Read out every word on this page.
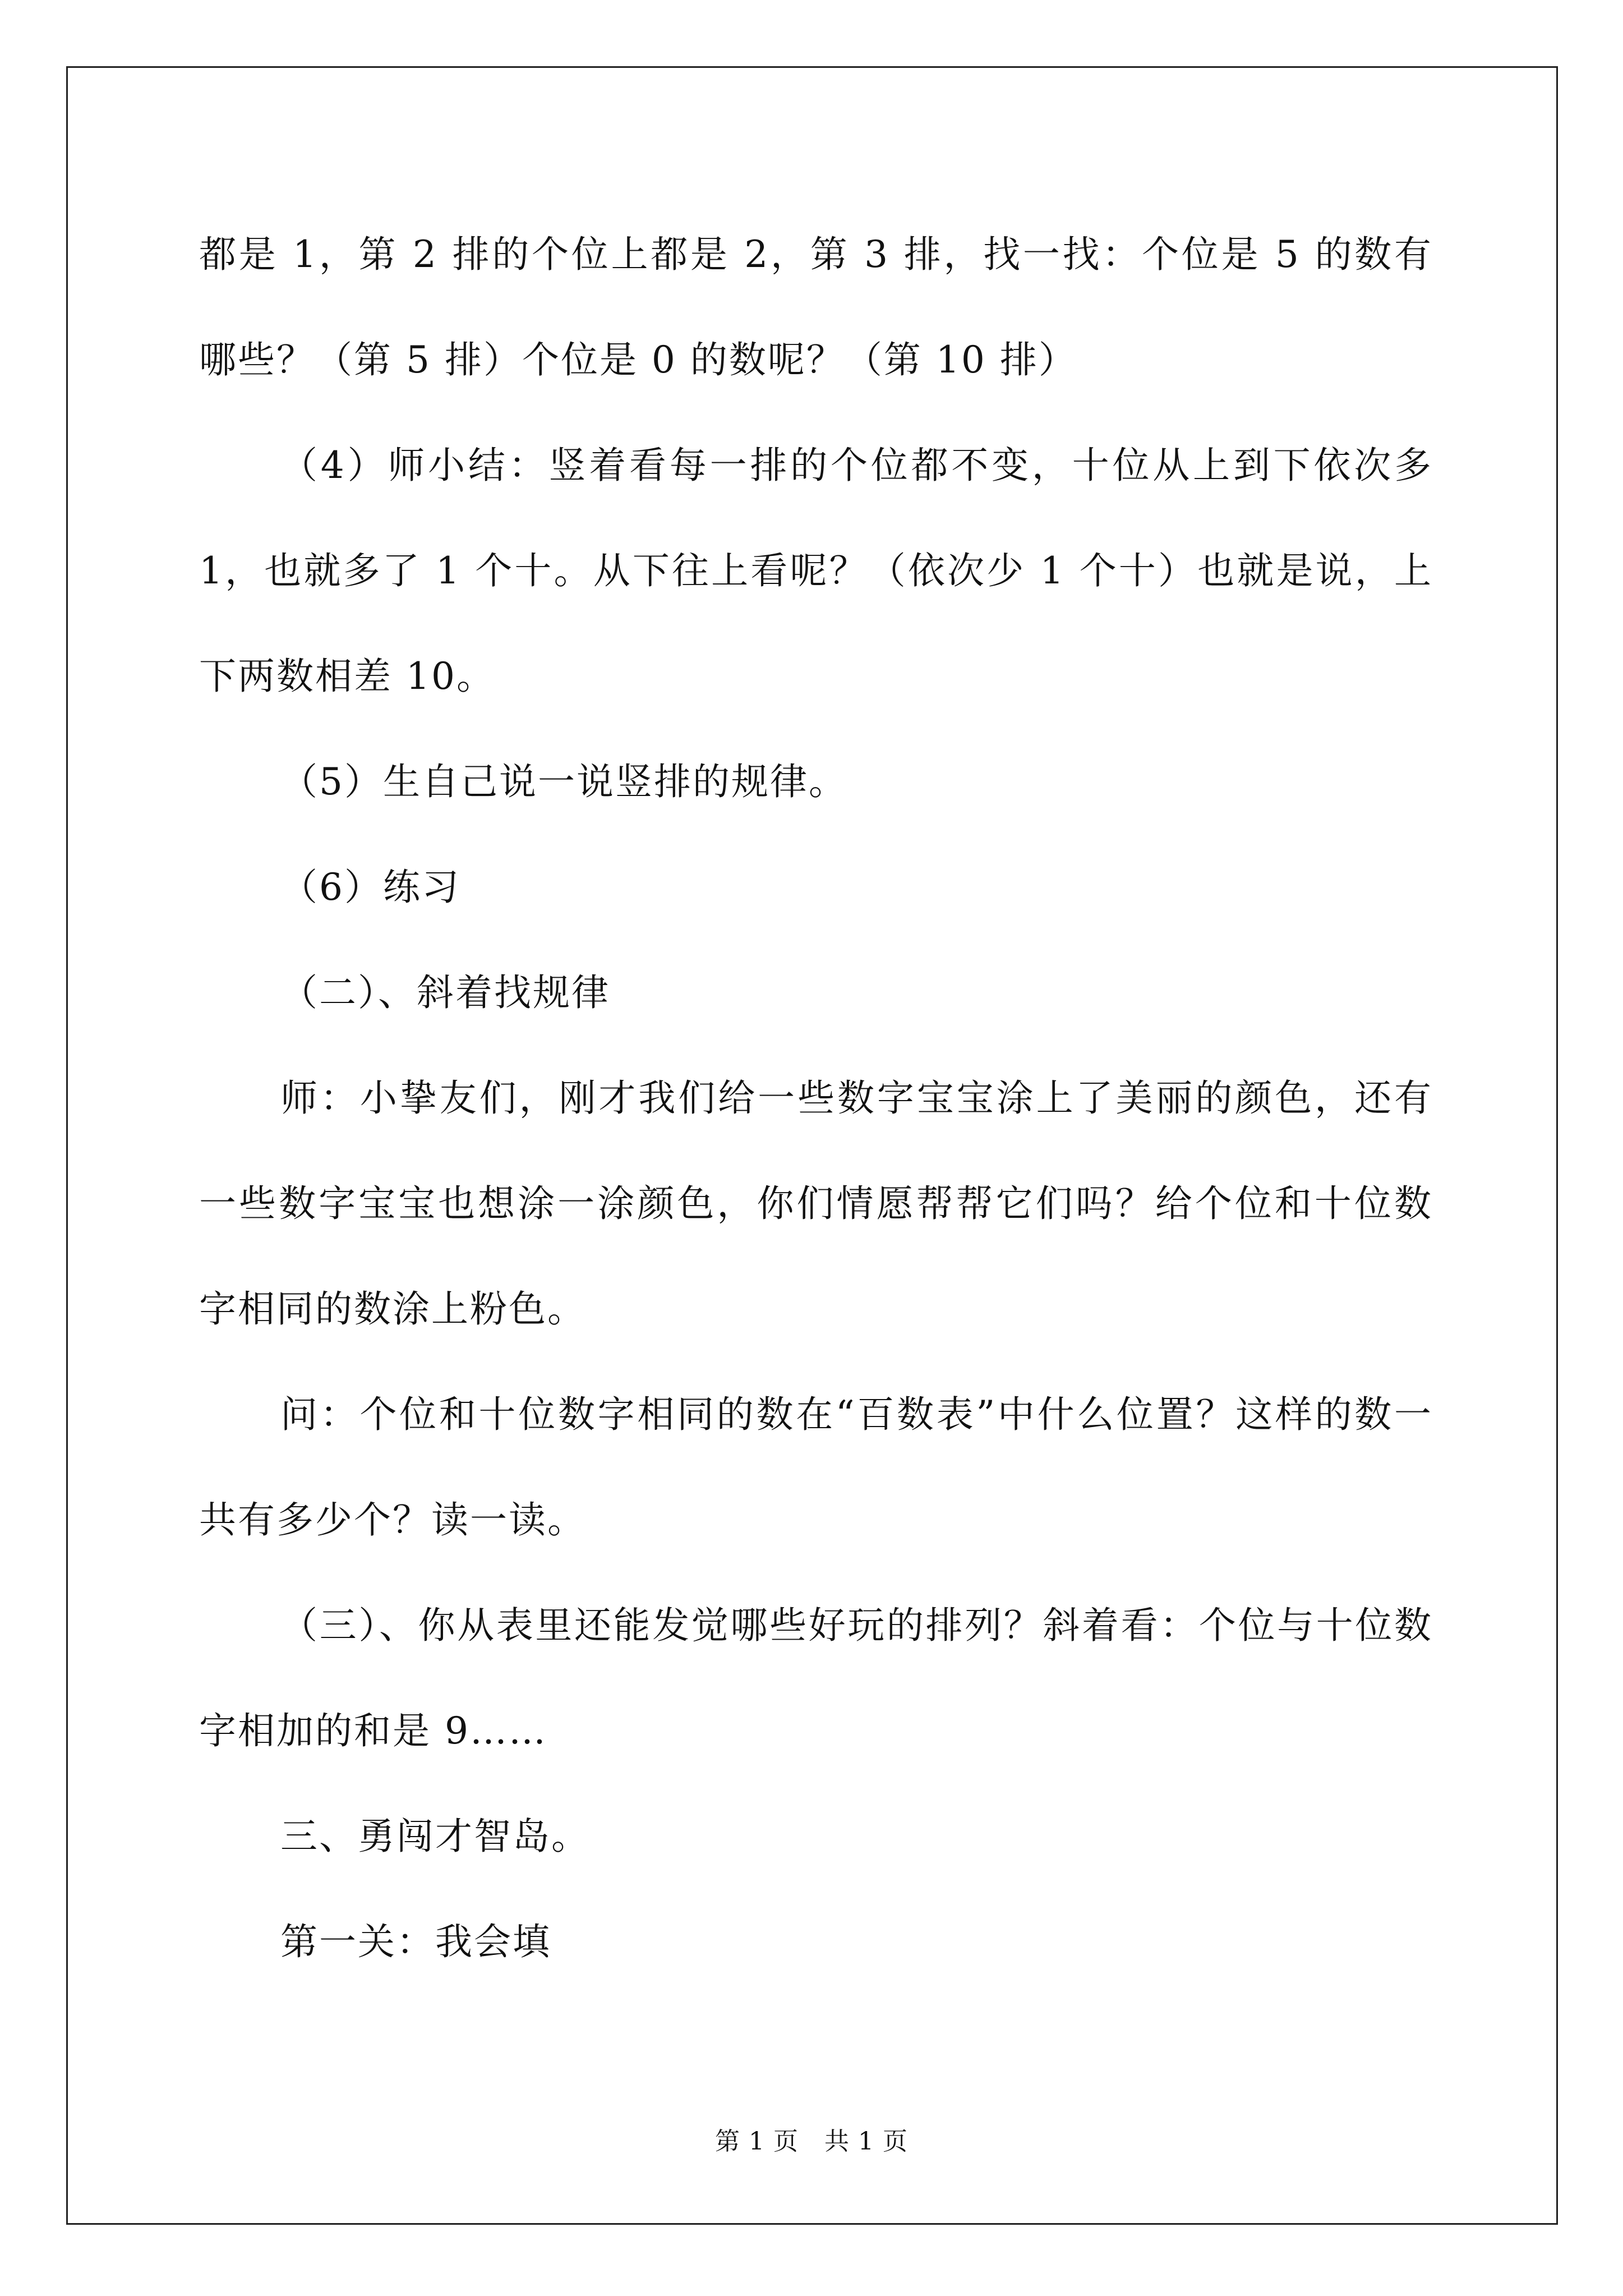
都是 1，第 2 排的个位上都是 2，第 3 排，找一找：个位是 5 的数有哪些？（第 5 排）个位是 0 的数呢？（第 10 排）

（4）师小结：竖着看每一排的个位都不变，十位从上到下依次多 1，也就多了 1 个十。从下往上看呢？（依次少 1 个十）也就是说，上下两数相差 10。

（5）生自己说一说竖排的规律。

（6）练习

（二）、斜着找规律

师：小挚友们，刚才我们给一些数字宝宝涂上了美丽的颜色，还有一些数字宝宝也想涂一涂颜色，你们情愿帮帮它们吗？给个位和十位数字相同的数涂上粉色。

问：个位和十位数字相同的数在“百数表”中什么位置？这样的数一共有多少个？读一读。

（三）、你从表里还能发觉哪些好玩的排列？斜着看：个位与十位数字相加的和是 9……

三、勇闯才智岛。

第一关：我会填

第 1 页 共 1 页
